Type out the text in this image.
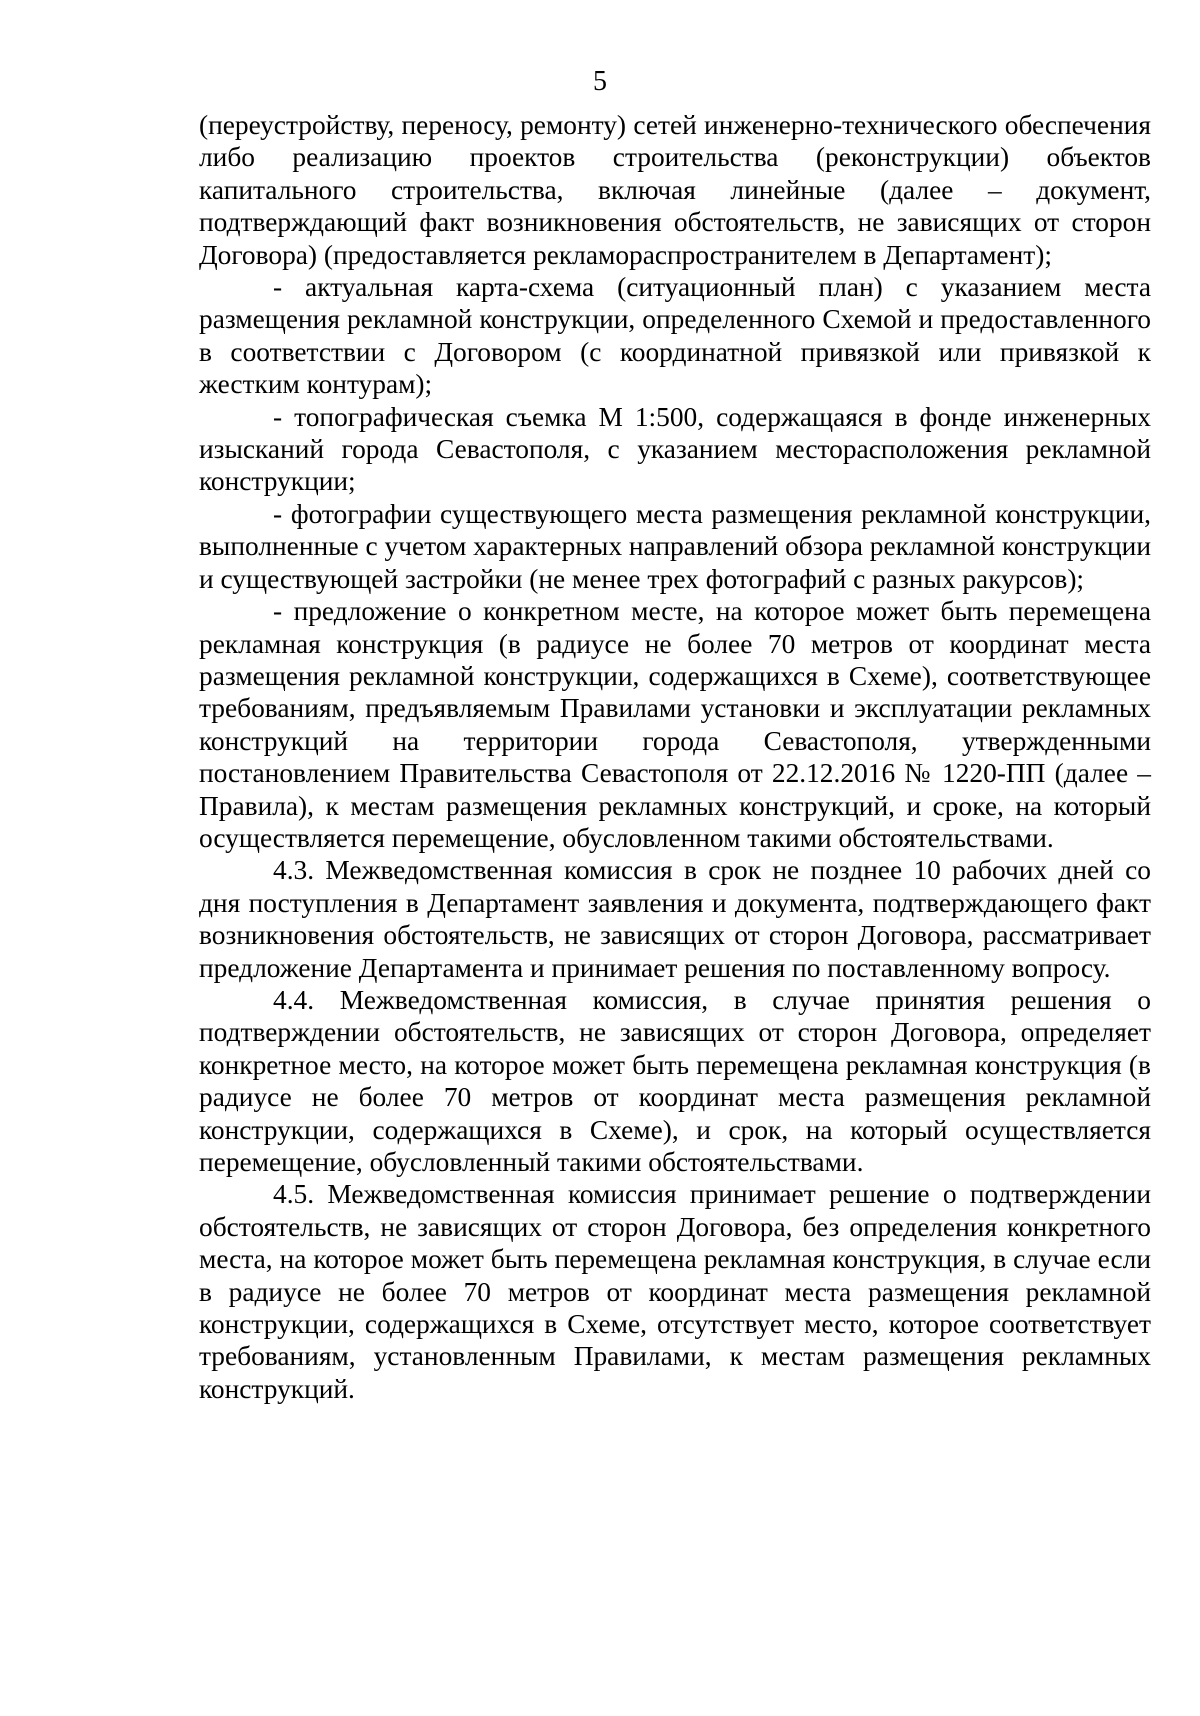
5

(переустройству, переносу, ремонту) сетей инженерно-технического обеспечения либо реализацию проектов строительства (реконструкции) объектов капитального строительства, включая линейные (далее – документ, подтверждающий факт возникновения обстоятельств, не зависящих от сторон Договора) (предоставляется рекламораспространителем в Департамент);

- актуальная карта-схема (ситуационный план) с указанием места размещения рекламной конструкции, определенного Схемой и предоставленного в соответствии с Договором (с координатной привязкой или привязкой к жестким контурам);

- топографическая съемка М 1:500, содержащаяся в фонде инженерных изысканий города Севастополя, с указанием месторасположения рекламной конструкции;

- фотографии существующего места размещения рекламной конструкции, выполненные с учетом характерных направлений обзора рекламной конструкции и существующей застройки (не менее трех фотографий с разных ракурсов);

- предложение о конкретном месте, на которое может быть перемещена рекламная конструкция (в радиусе не более 70 метров от координат места размещения рекламной конструкции, содержащихся в Схеме), соответствующее требованиям, предъявляемым Правилами установки и эксплуатации рекламных конструкций на территории города Севастополя, утвержденными постановлением Правительства Севастополя от 22.12.2016 № 1220-ПП (далее – Правила), к местам размещения рекламных конструкций, и сроке, на который осуществляется перемещение, обусловленном такими обстоятельствами.

4.3. Межведомственная комиссия в срок не позднее 10 рабочих дней со дня поступления в Департамент заявления и документа, подтверждающего факт возникновения обстоятельств, не зависящих от сторон Договора, рассматривает предложение Департамента и принимает решения по поставленному вопросу.

4.4. Межведомственная комиссия, в случае принятия решения о подтверждении обстоятельств, не зависящих от сторон Договора, определяет конкретное место, на которое может быть перемещена рекламная конструкция (в радиусе не более 70 метров от координат места размещения рекламной конструкции, содержащихся в Схеме), и срок, на который осуществляется перемещение, обусловленный такими обстоятельствами.

4.5. Межведомственная комиссия принимает решение о подтверждении обстоятельств, не зависящих от сторон Договора, без определения конкретного места, на которое может быть перемещена рекламная конструкция, в случае если в радиусе не более 70 метров от координат места размещения рекламной конструкции, содержащихся в Схеме, отсутствует место, которое соответствует требованиям, установленным Правилами, к местам размещения рекламных конструкций.
